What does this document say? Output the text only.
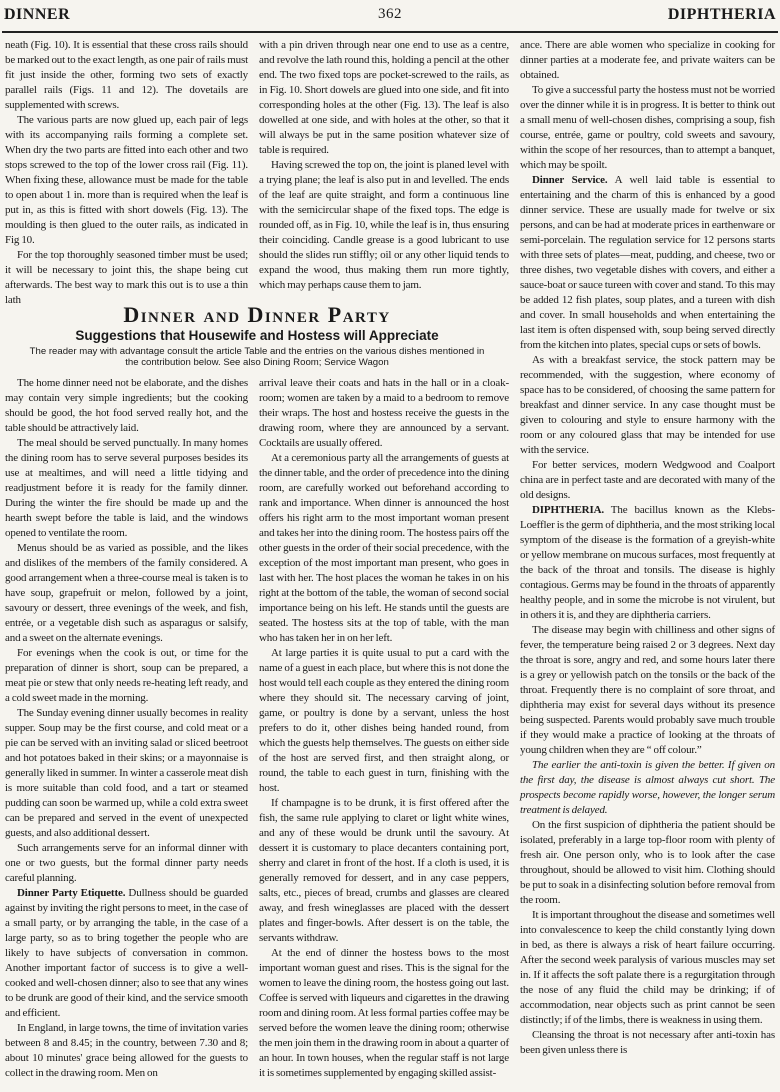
DINNER	362	DIPHTHERIA

neath (Fig. 10). It is essential that these cross rails should be marked out to the exact length, as one pair of rails must fit just inside the other, forming two sets of exactly parallel rails (Figs. 11 and 12). The dovetails are supplemented with screws.

The various parts are now glued up, each pair of legs with its accompanying rails forming a complete set. When dry the two parts are fitted into each other and two stops screwed to the top of the lower cross rail (Fig. 11). When fixing these, allowance must be made for the table to open about 1 in. more than is required when the leaf is put in, as this is fitted with short dowels (Fig. 13). The moulding is then glued to the outer rails, as indicated in Fig 10.

For the top thoroughly seasoned timber must be used; it will be necessary to joint this, the shape being cut afterwards. The best way to mark this out is to use a thin lath

with a pin driven through near one end to use as a centre, and revolve the lath round this, holding a pencil at the other end. The two fixed tops are pocket-screwed to the rails, as in Fig. 10. Short dowels are glued into one side, and fit into corresponding holes at the other (Fig. 13). The leaf is also dowelled at one side, and with holes at the other, so that it will always be put in the same position whatever size of table is required.

Having screwed the top on, the joint is planed level with a trying plane; the leaf is also put in and levelled. The ends of the leaf are quite straight, and form a continuous line with the semicircular shape of the fixed tops. The edge is rounded off, as in Fig. 10, while the leaf is in, thus ensuring their coinciding. Candle grease is a good lubricant to use should the slides run stiffly; oil or any other liquid tends to expand the wood, thus making them run more tightly, which may perhaps cause them to jam.

Dinner and Dinner Party
Suggestions that Housewife and Hostess will Appreciate
The reader may with advantage consult the article Table and the entries on the various dishes mentioned in the contribution below. See also Dining Room; Service Wagon

The home dinner need not be elaborate, and the dishes may contain very simple ingredients; but the cooking should be good, the hot food served really hot, and the table should be attractively laid.

The meal should be served punctually. In many homes the dining room has to serve several purposes besides its use at mealtimes, and will need a little tidying and readjustment before it is ready for the family dinner. During the winter the fire should be made up and the hearth swept before the table is laid, and the windows opened to ventilate the room.

Menus should be as varied as possible, and the likes and dislikes of the members of the family considered. A good arrangement when a three-course meal is taken is to have soup, grapefruit or melon, followed by a joint, savoury or dessert, three evenings of the week, and fish, entrée, or a vegetable dish such as asparagus or salsify, and a sweet on the alternate evenings.

For evenings when the cook is out, or time for the preparation of dinner is short, soup can be prepared, a meat pie or stew that only needs re-heating left ready, and a cold sweet made in the morning.

The Sunday evening dinner usually becomes in reality supper. Soup may be the first course, and cold meat or a pie can be served with an inviting salad or sliced beetroot and hot potatoes baked in their skins; or a mayonnaise is generally liked in summer. In winter a casserole meat dish is more suitable than cold food, and a tart or steamed pudding can soon be warmed up, while a cold extra sweet can be prepared and served in the event of unexpected guests, and also additional dessert.

Such arrangements serve for an informal dinner with one or two guests, but the formal dinner party needs careful planning.

Dinner Party Etiquette. Dullness should be guarded against by inviting the right persons to meet, in the case of a small party, or by arranging the table, in the case of a large party, so as to bring together the people who are likely to have subjects of conversation in common. Another important factor of success is to give a well-cooked and well-chosen dinner; also to see that any wines to be drunk are good of their kind, and the service smooth and efficient.

In England, in large towns, the time of invitation varies between 8 and 8.45; in the country, between 7.30 and 8; about 10 minutes' grace being allowed for the guests to collect in the drawing room. Men on

arrival leave their coats and hats in the hall or in a cloak-room; women are taken by a maid to a bedroom to remove their wraps. The host and hostess receive the guests in the drawing room, where they are announced by a servant. Cocktails are usually offered.

At a ceremonious party all the arrangements of guests at the dinner table, and the order of precedence into the dining room, are carefully worked out beforehand according to rank and importance. When dinner is announced the host offers his right arm to the most important woman present and takes her into the dining room. The hostess pairs off the other guests in the order of their social precedence, with the exception of the most important man present, who goes in last with her. The host places the woman he takes in on his right at the bottom of the table, the woman of second social importance being on his left. He stands until the guests are seated. The hostess sits at the top of table, with the man who has taken her in on her left.

At large parties it is quite usual to put a card with the name of a guest in each place, but where this is not done the host would tell each couple as they entered the dining room where they should sit. The necessary carving of joint, game, or poultry is done by a servant, unless the host prefers to do it, other dishes being handed round, from which the guests help themselves. The guests on either side of the host are served first, and then straight along, or round, the table to each guest in turn, finishing with the host.

If champagne is to be drunk, it is first offered after the fish, the same rule applying to claret or light white wines, and any of these would be drunk until the savoury. At dessert it is customary to place decanters containing port, sherry and claret in front of the host. If a cloth is used, it is generally removed for dessert, and in any case peppers, salts, etc., pieces of bread, crumbs and glasses are cleared away, and fresh wineglasses are placed with the dessert plates and finger-bowls. After dessert is on the table, the servants withdraw.

At the end of dinner the hostess bows to the most important woman guest and rises. This is the signal for the women to leave the dining room, the hostess going out last. Coffee is served with liqueurs and cigarettes in the drawing room and dining room. At less formal parties coffee may be served before the women leave the dining room; otherwise the men join them in the drawing room in about a quarter of an hour. In town houses, when the regular staff is not large it is sometimes supplemented by engaging skilled assist-

ance. There are able women who specialize in cooking for dinner parties at a moderate fee, and private waiters can be obtained.

To give a successful party the hostess must not be worried over the dinner while it is in progress. It is better to think out a small menu of well-chosen dishes, comprising a soup, fish course, entrée, game or poultry, cold sweets and savoury, within the scope of her resources, than to attempt a banquet, which may be spoilt.

Dinner Service. A well laid table is essential to entertaining and the charm of this is enhanced by a good dinner service. These are usually made for twelve or six persons, and can be had at moderate prices in earthenware or semi-porcelain. The regulation service for 12 persons starts with three sets of plates—meat, pudding, and cheese, two or three dishes, two vegetable dishes with covers, and either a sauce-boat or sauce tureen with cover and stand. To this may be added 12 fish plates, soup plates, and a tureen with dish and cover. In small households and when entertaining the last item is often dispensed with, soup being served directly from the kitchen into plates, special cups or sets of bowls.

As with a breakfast service, the stock pattern may be recommended, with the suggestion, where economy of space has to be considered, of choosing the same pattern for breakfast and dinner service. In any case thought must be given to colouring and style to ensure harmony with the room or any coloured glass that may be intended for use with the service.

For better services, modern Wedgwood and Coalport china are in perfect taste and are decorated with many of the old designs.

DIPHTHERIA. The bacillus known as the Klebs-Loeffler is the germ of diphtheria, and the most striking local symptom of the disease is the formation of a greyish-white or yellow membrane on mucous surfaces, most frequently at the back of the throat and tonsils. The disease is highly contagious. Germs may be found in the throats of apparently healthy people, and in some the microbe is not virulent, but in others it is, and they are diphtheria carriers.

The disease may begin with chilliness and other signs of fever, the temperature being raised 2 or 3 degrees. Next day the throat is sore, angry and red, and some hours later there is a grey or yellowish patch on the tonsils or the back of the throat. Frequently there is no complaint of sore throat, and diphtheria may exist for several days without its presence being suspected. Parents would probably save much trouble if they would make a practice of looking at the throats of young children when they are “ off colour.”

The earlier the anti-toxin is given the better. If given on the first day, the disease is almost always cut short. The prospects become rapidly worse, however, the longer serum treatment is delayed.

On the first suspicion of diphtheria the patient should be isolated, preferably in a large top-floor room with plenty of fresh air. One person only, who is to look after the case throughout, should be allowed to visit him. Clothing should be put to soak in a disinfecting solution before removal from the room.

It is important throughout the disease and sometimes well into convalescence to keep the child constantly lying down in bed, as there is always a risk of heart failure occurring. After the second week paralysis of various muscles may set in. If it affects the soft palate there is a regurgitation through the nose of any fluid the child may be drinking; if of accommodation, near objects such as print cannot be seen distinctly; if of the limbs, there is weakness in using them.

Cleansing the throat is not necessary after anti-toxin has been given unless there is
